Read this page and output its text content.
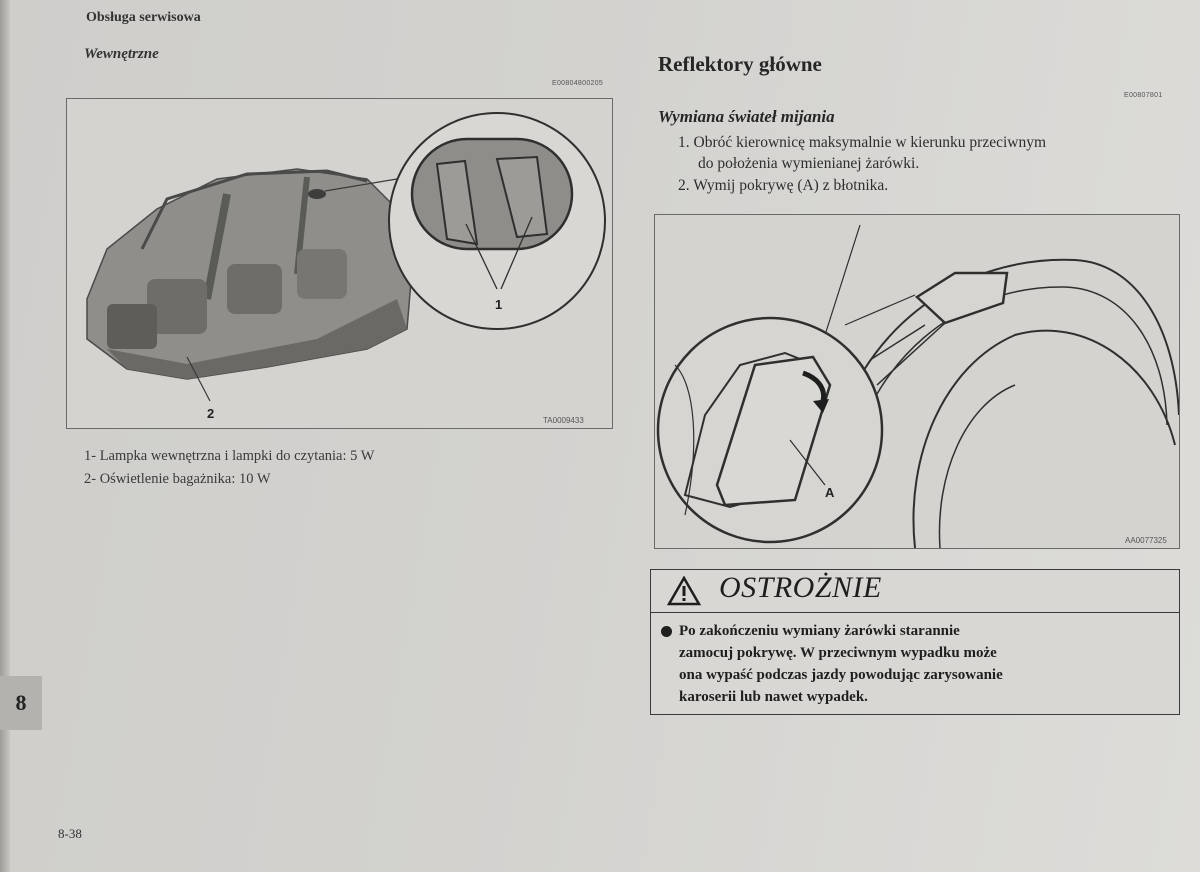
Obsługa serwisowa
Wewnętrzne
E00804800205
1
2	TA0009433
1- Lampka wewnętrzna i lampki do czytania: 5 W
2- Oświetlenie bagażnika: 10 W
Reflektory główne
E00807801
Wymiana świateł mijania
1. Obróć kierownicę maksymalnie w kierunku przeciwnym
do położenia wymienianej żarówki.
2. Wymij pokrywę (A) z błotnika.
A
AA0077325
OSTROŻNIE
Po zakończeniu wymiany żarówki starannie
zamocuj pokrywę. W przeciwnym wypadku może
ona wypaść podczas jazdy powodując zarysowanie
karoserii lub nawet wypadek.
8
8-38
